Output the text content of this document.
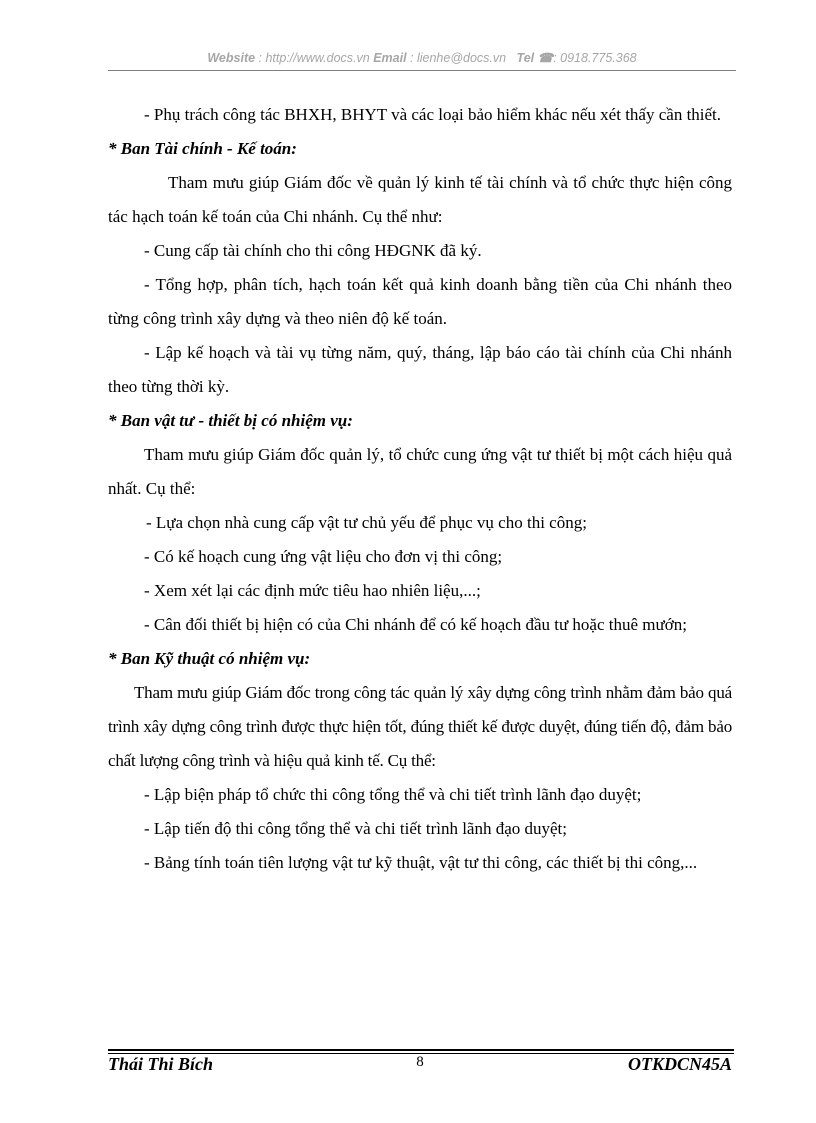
Website : http://www.docs.vn Email : lienhe@docs.vn Tel ☎: 0918.775.368

- Phụ trách công tác BHXH, BHYT và các loại bảo hiểm khác nếu xét thấy cần thiết.

* Ban Tài chính - Kế toán:

Tham mưu giúp Giám đốc về quản lý kinh tế tài chính và tổ chức thực hiện công tác hạch toán kế toán của Chi nhánh. Cụ thể như:

- Cung cấp tài chính cho thi công HĐGNK đã ký.

- Tổng hợp, phân tích, hạch toán kết quả kinh doanh bằng tiền của Chi nhánh theo từng công trình xây dựng và theo niên độ kế toán.

- Lập kế hoạch và tài vụ từng năm, quý, tháng, lập báo cáo tài chính của Chi nhánh theo từng thời kỳ.

* Ban vật tư - thiết bị có nhiệm vụ:

Tham mưu giúp Giám đốc quản lý, tổ chức cung ứng vật tư thiết bị một cách hiệu quả nhất. Cụ thể:

- Lựa chọn nhà cung cấp vật tư chủ yếu để phục vụ cho thi công;

- Có kế hoạch cung ứng vật liệu cho đơn vị thi công;

- Xem xét lại các định mức tiêu hao nhiên liệu,...;

- Cân đối thiết bị hiện có của Chi nhánh để có kế hoạch đầu tư hoặc thuê mướn;

* Ban Kỹ thuật có nhiệm vụ:

Tham mưu giúp Giám đốc trong công tác quản lý xây dựng công trình nhằm đảm bảo quá trình xây dựng công trình được thực hiện tốt, đúng thiết kế được duyệt, đúng tiến độ, đảm bảo chất lượng công trình và hiệu quả kinh tế. Cụ thể:

- Lập biện pháp tổ chức thi công tổng thể và chi tiết trình lãnh đạo duyệt;

- Lập tiến độ thi công tổng thể và chi tiết trình lãnh đạo duyệt;

- Bảng tính toán tiên lượng vật tư kỹ thuật, vật tư thi công, các thiết bị thi công,...

Thái Thi Bích	8	OTKDCN45A
